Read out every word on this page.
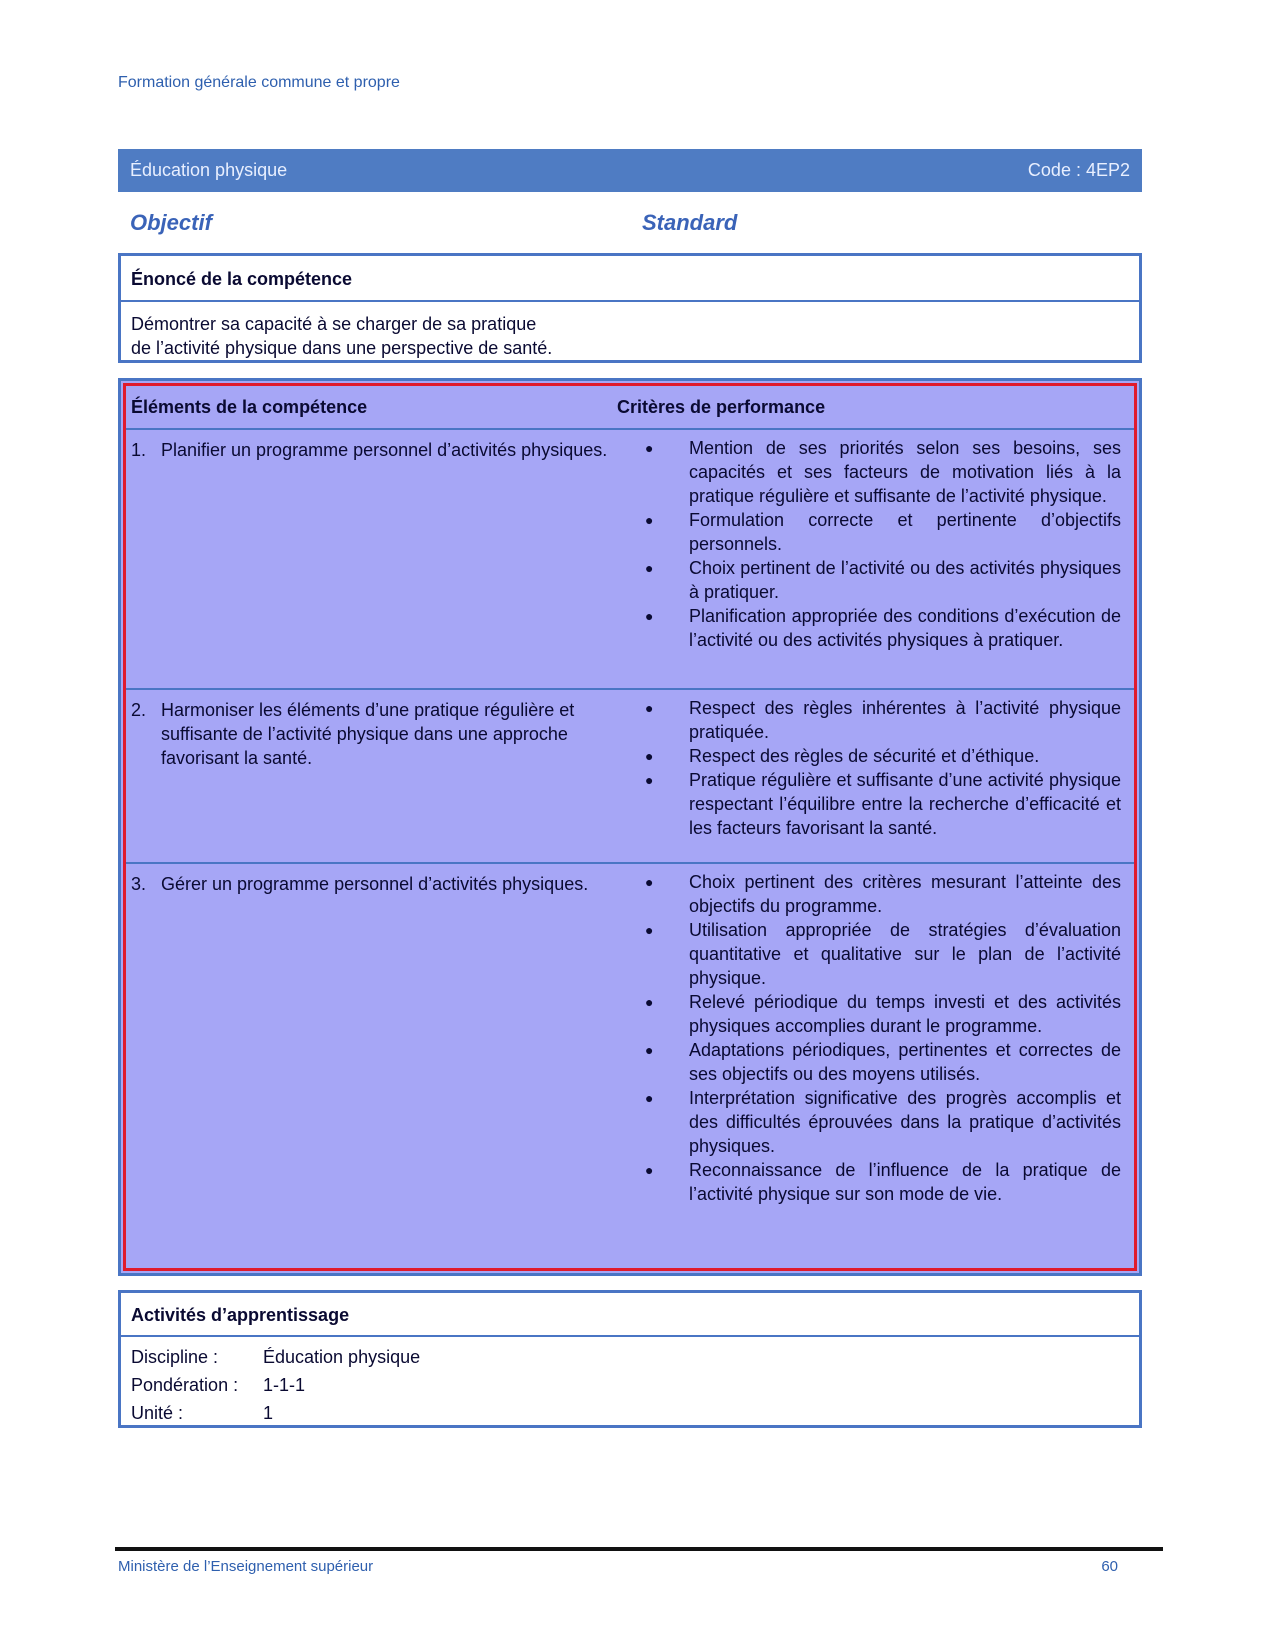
Formation générale commune et propre
Éducation physique	Code : 4EP2
Objectif	Standard
Énoncé de la compétence
Démontrer sa capacité à se charger de sa pratique
de l’activité physique dans une perspective de santé.
Éléments de la compétence	Critères de performance
1. Planifier un programme personnel d’activités physiques.	●	Mention de ses priorités selon ses besoins, ses capacités et ses facteurs de motivation liés à la pratique régulière et suffisante de l’activité physique.
●	Formulation correcte et pertinente d’objectifs personnels.
●	Choix pertinent de l’activité ou des activités physiques à pratiquer.
●	Planification appropriée des conditions d’exécution de l’activité ou des activités physiques à pratiquer.
2. Harmoniser les éléments d’une pratique régulière et suffisante de l’activité physique dans une approche favorisant la santé.
●	Respect des règles inhérentes à l’activité physique pratiquée.
●	Respect des règles de sécurité et d’éthique.
●	Pratique régulière et suffisante d’une activité physique respectant l’équilibre entre la recherche d’efficacité et les facteurs favorisant la santé.
3. Gérer un programme personnel d’activités physiques.	●	Choix pertinent des critères mesurant l’atteinte des objectifs du programme.
●	Utilisation appropriée de stratégies d’évaluation quantitative et qualitative sur le plan de l’activité physique.
●	Relevé périodique du temps investi et des activités physiques accomplies durant le programme.
●	Adaptations périodiques, pertinentes et correctes de ses objectifs ou des moyens utilisés.
●	Interprétation significative des progrès accomplis et des difficultés éprouvées dans la pratique d’activités physiques.
●	Reconnaissance de l’influence de la pratique de l’activité physique sur son mode de vie.
Activités d’apprentissage
Discipline : Éducation physique
Pondération : 1-1-1
Unité :	1
Ministère de l’Enseignement supérieur	60
